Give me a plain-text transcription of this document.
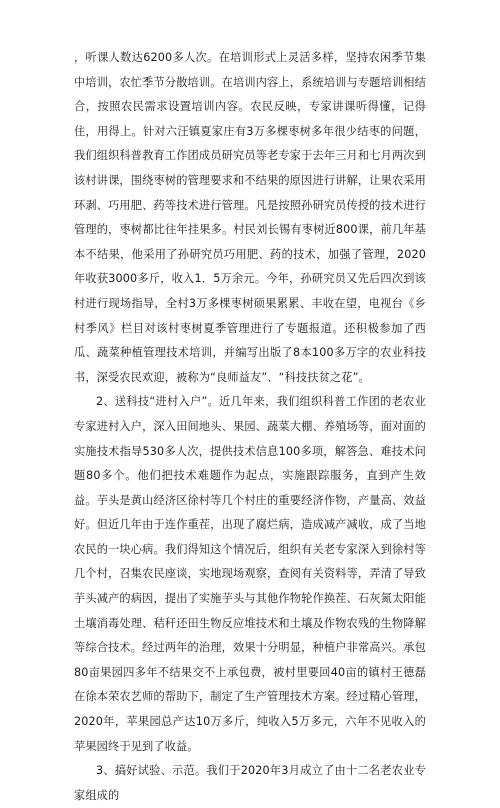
，听课人数达6200多人次。在培训形式上灵活多样，坚持农闲季节集中培训，农忙季节分散培训。在培训内容上，系统培训与专题培训相结合，按照农民需求设置培训内容。农民反映，专家讲课听得懂，记得住，用得上。针对六汪镇夏家庄有3万多棵枣树多年很少结枣的问题，我们组织科普教育工作团成员研究员等老专家于去年三月和七月两次到该村讲课，围绕枣树的管理要求和不结果的原因进行讲解，让果农采用环剥、巧用肥、药等技术进行管理。凡是按照孙研究员传授的技术进行管理的，枣树都比往年挂果多。村民刘长锡有枣树近800课，前几年基本不结果，他采用了孙研究员巧用肥、药的技术，加强了管理，2020年收获3000多斤，收入1．5万余元。今年，孙研究员又先后四次到该村进行现场指导，全村3万多棵枣树硕果累累、丰收在望，电视台《乡村季风》栏目对该村枣树夏季管理进行了专题报道。还积极参加了西瓜、蔬菜种植管理技术培训，并编写出版了8本100多万字的农业科技书，深受农民欢迎，被称为“良师益友”、“科技扶贫之花”。

2、送科技“进村入户”。近几年来，我们组织科普工作团的老农业专家进村入户，深入田间地头、果园、蔬菜大棚、养殖场等，面对面的实施技术指导530多人次，提供技术信息100多项，解答急、难技术问题80多个。他们把技术难题作为起点，实施跟踪服务，直到产生效益。芋头是黄山经济区徐村等几个村庄的重要经济作物，产量高、效益好。但近几年由于连作重茬，出现了腐烂病，造成减产减收，成了当地农民的一块心病。我们得知这个情况后，组织有关老专家深入到徐村等几个村，召集农民座谈，实地现场观察，查阅有关资料等，弄清了导致芋头减产的病因，提出了实施芋头与其他作物轮作换茬、石灰氮太阳能土壤消毒处理、秸秆还田生物反应堆技术和土壤及作物农残的生物降解等综合技术。经过两年的治理，效果十分明显，种植户非常高兴。承包80亩果园四多年不结果交不上承包费，被村里要回40亩的镇村王德磊在徐本荣农艺师的帮助下，制定了生产管理技术方案。经过精心管理，2020年，苹果园总产达10万多斤，纯收入5万多元，六年不见收入的苹果园终于见到了收益。

3、搞好试验、示范。我们于2020年3月成立了由十二名老农业专家组成的
